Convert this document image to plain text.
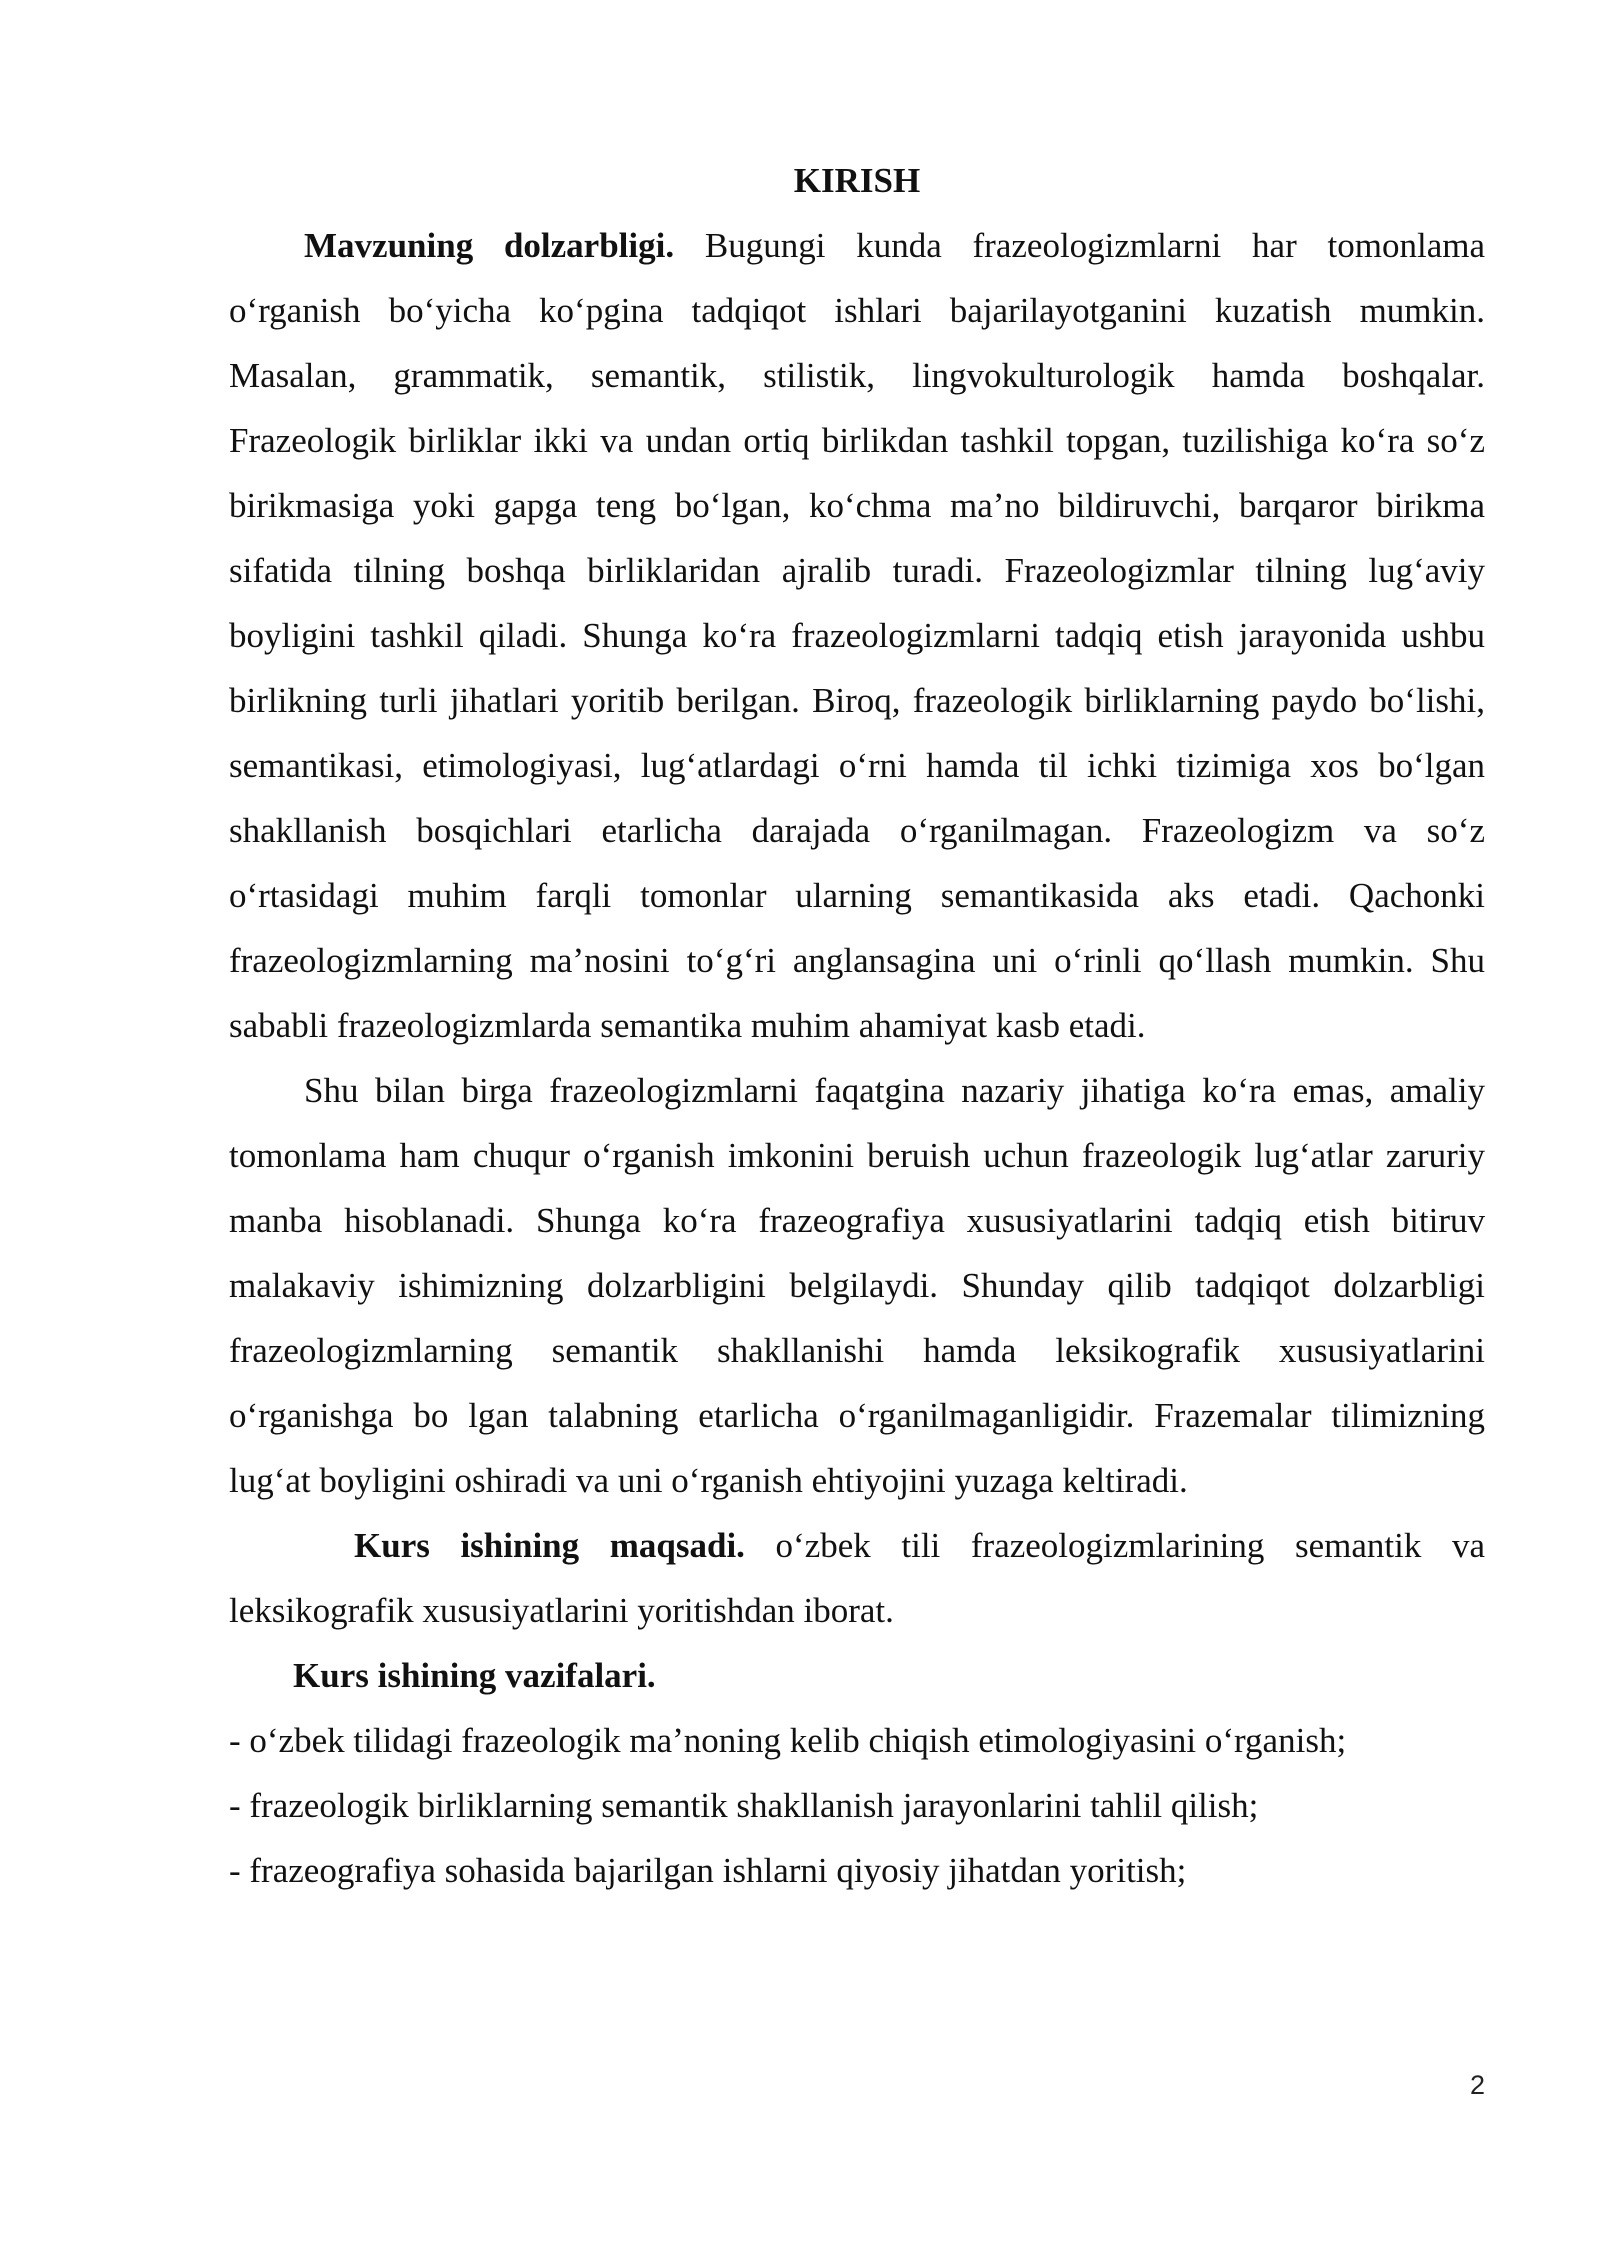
KIRISH

Mavzuning dolzarbligi. Bugungi kunda frazeologizmlarni har tomonlama oʻrganish boʻyicha koʻpgina tadqiqot ishlari bajarilayotganini kuzatish mumkin. Masalan, grammatik, semantik, stilistik, lingvokulturologik hamda boshqalar. Frazeologik birliklar ikki va undan ortiq birlikdan tashkil topgan, tuzilishiga koʻra soʻz birikmasiga yoki gapga teng boʻlgan, koʻchma maʼno bildiruvchi, barqaror birikma sifatida tilning boshqa birliklaridan ajralib turadi. Frazeologizmlar tilning lugʻaviy boyligini tashkil qiladi. Shunga koʻra frazeologizmlarni tadqiq etish jarayonida ushbu birlikning turli jihatlari yoritib berilgan. Biroq, frazeologik birliklarning paydo boʻlishi, semantikasi, etimologiyasi, lugʻatlardagi oʻrni hamda til ichki tizimiga xos boʻlgan shakllanish bosqichlari etarlicha darajada oʻrganilmagan. Frazeologizm va soʻz oʻrtasidagi muhim farqli tomonlar ularning semantikasida aks etadi. Qachonki frazeologizmlarning maʼnosini toʻgʻri anglansagina uni oʻrinli qoʻllash mumkin. Shu sababli frazeologizmlarda semantika muhim ahamiyat kasb etadi.

Shu bilan birga frazeologizmlarni faqatgina nazariy jihatiga koʻra emas, amaliy tomonlama ham chuqur oʻrganish imkonini beruish uchun frazeologik lugʻatlar zaruriy manba hisoblanadi. Shunga koʻra frazeografiya xususiyatlarini tadqiq etish bitiruv malakaviy ishimizning dolzarbligini belgilaydi. Shunday qilib tadqiqot dolzarbligi frazeologizmlarning semantik shakllanishi hamda leksikografik xususiyatlarini oʻrganishga bo lgan talabning etarlicha oʻrganilmaganligidir. Frazemalar tilimizning lugʻat boyligini oshiradi va uni oʻrganish ehtiyojini yuzaga keltiradi.

Kurs ishining maqsadi. oʻzbek tili frazeologizmlarining semantik va leksikografik xususiyatlarini yoritishdan iborat.

Kurs ishining vazifalari.

- oʻzbek tilidagi frazeologik maʼnoning kelib chiqish etimologiyasini oʻrganish;

- frazeologik birliklarning semantik shakllanish jarayonlarini tahlil qilish;

- frazeografiya sohasida bajarilgan ishlarni qiyosiy jihatdan yoritish;

2
